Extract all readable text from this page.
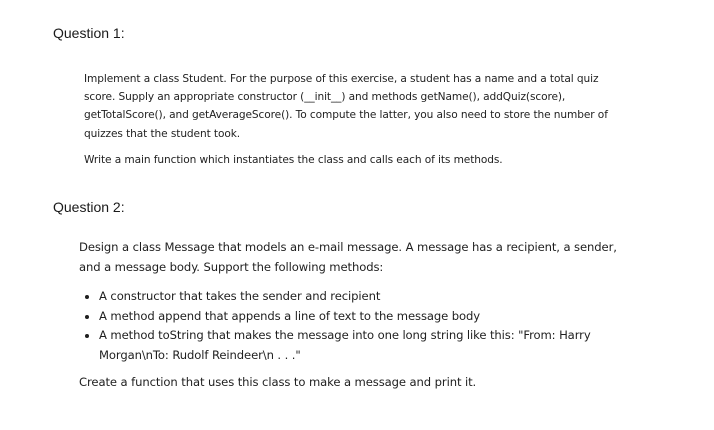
Question 1:

Implement a class Student. For the purpose of this exercise, a student has a name and a total quiz score. Supply an appropriate constructor (__init__) and methods getName(), addQuiz(score), getTotalScore(), and getAverageScore(). To compute the latter, you also need to store the number of quizzes that the student took.

Write a main function which instantiates the class and calls each of its methods.

Question 2:

Design a class Message that models an e-mail message. A message has a recipient, a sender, and a message body. Support the following methods:

A constructor that takes the sender and recipient
A method append that appends a line of text to the message body
A method toString that makes the message into one long string like this: "From: Harry Morgan\nTo: Rudolf Reindeer\n . . ."

Create a function that uses this class to make a message and print it.
